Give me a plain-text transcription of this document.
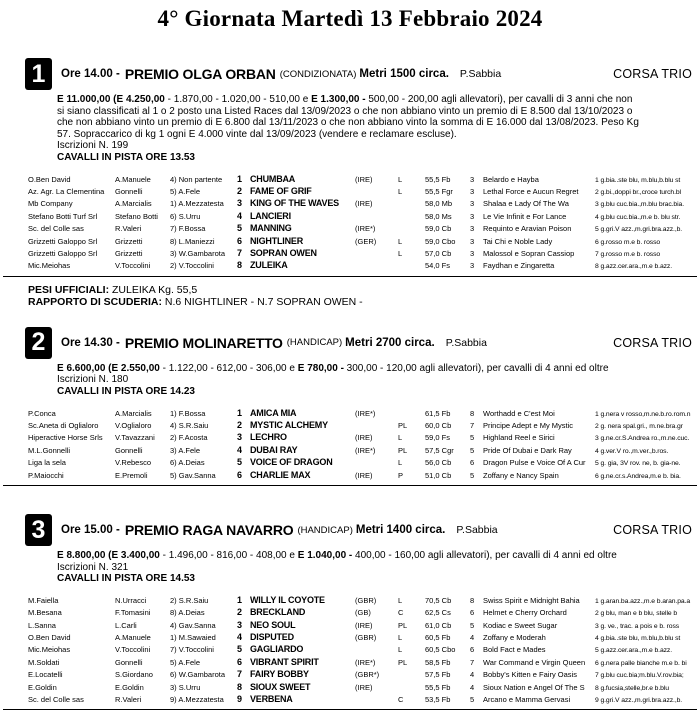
4° Giornata Martedì 13 Febbraio 2024
1	Ore 14.00 - PREMIO OLGA ORBAN (CONDIZIONATA) Metri 1500 circa. P.Sabbia	CORSA TRIO

E 11.000,00 (E 4.250,00 - 1.870,00 - 1.020,00 - 510,00 e E 1.300,00 - 500,00 - 200,00 agli allevatori), per cavalli di 3 anni che non si siano classificati al 1 o 2 posto una Listed Races dal 13/09/2023 o che non abbiano vinto un premio di E 8.500 dal 13/10/2023 o che non abbiano vinto un premio di E 6.800 dal 13/11/2023 o che non abbiano vinto la somma di E 16.000 dal 13/08/2023. Peso Kg 57. Sopraccarico di kg 1 ogni E 4.000 vinte dal 13/09/2023 (vendere e reclamare escluse).

Iscrizioni N. 199
CAVALLI IN PISTA ORE 13.53
O.Ben David	A.Manuele	4) Non partente	1 CHUMBAA	(IRE)	L	55,5 Fb	3	Belardo e Hayba	1 g.bia..ste blu, m.blu,b.blu st
Az. Agr. La Clementina	Gonnelli	5) A.Fele	2 FAME OF GRIF	L	55,5 Fgr	3	Lethal Force e Aucun Regret	2 g.bi.,doppi br.,croce turch.bl
Mb Company	A.Marcialis	1) A.Mezzatesta	3 KING OF THE WAVES	(IRE)	58,0 Mb	3	Shalaa e Lady Of The Wa	3 g.blu cuc.bia.,m.blu brac.bia.
Stefano Botti Turf Srl	Stefano Botti	6) S.Urru	4 LANCIERI	58,0 Ms	3	Le Vie Infinit e For Lance	4 g.blu cuc.bia.,m.e b. blu str.
Sc. del Colle sas	R.Valeri	7) F.Bossa	5 MANNING	(IRE*)	59,0 Cb	3	Requinto e Aravian Poison	5 g.gri.V azz.,m.gri.bra.azz.,b.
Grizzetti Galoppo Srl	Grizzetti	8) L.Maniezzi	6 NIGHTLINER	(GER)	L	59,0 Cbo	3	Tai Chi e Noble Lady	6 g.rosso m.e b. rosso
Grizzetti Galoppo Srl	Grizzetti	3) W.Gambarota	7 SOPRAN OWEN	L	57,0 Cb	3	Malossol e Sopran Cassiop	7 g.rosso m.e b. rosso
Mic.Meiohas	V.Toccolini	2) V.Toccolini	8 ZULEIKA	54,0 Fs	3	Faydhan e Zingaretta	8 g.azz.cer.ara.,m.e b.azz.
PESI UFFICIALI: ZULEIKA Kg. 55,5
RAPPORTO DI SCUDERIA: N.6 NIGHTLINER - N.7 SOPRAN OWEN -
2	Ore 14.30 - PREMIO MOLINARETTO (HANDICAP) Metri 2700 circa. P.Sabbia	CORSA TRIO

E 6.600,00 (E 2.550,00 - 1.122,00 - 612,00 - 306,00 e E 780,00 - 300,00 - 120,00 agli allevatori), per cavalli di 4 anni ed oltre

Iscrizioni N. 180
CAVALLI IN PISTA ORE 14.23
P.Conca	A.Marcialis	1) F.Bossa	1 AMICA MIA	(IRE*)	61,5 Fb	8	Worthadd e C'est Moi	1 g.nera v rosso,m.ne.b.ro.rom.n
Sc.Aneta di Oglialoro	V.Oglialoro	4) S.R.Saiu	2 MYSTIC ALCHEMY	PL	60,0 Cb	7	Principe Adept e My Mystic	2 g. nera spal.gri., m.ne.bra.gr
Hiperactive Horse Srls	V.Tavazzani	2) F.Acosta	3 LECHRO	(IRE)	L	59,0 Fs	5	Highland Reel e Sirici	3 g.ne.cr.S.Andrea ro.,m.ne.cuc.
M.L.Gonnelli	Gonnelli	3) A.Fele	4 DUBAI RAY	(IRE*)	PL	57,5 Cgr	5	Pride Of Dubai e Dark Ray	4 g.ver.V ro.,m.ver.,b.ros.
Liga la sela	V.Rebesco	6) A.Deias	5 VOICE OF DRAGON	L	56,0 Cb	6	Dragon Pulse e Voice Of A Cur	5 g. gia, 3V rov. ne, b. gia-ne.
P.Maiocchi	E.Premoli	5) Gav.Sanna	6 CHARLIE MAX	(IRE)	P	51,0 Cb	5	Zoffany e Nancy Spain	6 g.ne.cr.s.Andrea,m.e b. bia.
3	Ore 15.00 - PREMIO RAGA NAVARRO (HANDICAP) Metri 1400 circa. P.Sabbia	CORSA TRIO

E 8.800,00 (E 3.400,00 - 1.496,00 - 816,00 - 408,00 e E 1.040,00 - 400,00 - 160,00 agli allevatori), per cavalli di 4 anni ed oltre

Iscrizioni N. 321
CAVALLI IN PISTA ORE 14.53
M.Faiella	N.Urracci	2) S.R.Saiu	1 WILLY IL COYOTE	(GBR)	L	70,5 Cb	8	Swiss Spirit e Midnight Bahia	1 g.aran.ba.azz.,m.e b.aran.pa.a
M.Besana	F.Tomasini	8) A.Deias	2 BRECKLAND	(GB)	C	62,5 Cs	6	Helmet e Cherry Orchard	2 g blu, man e b blu, stelle b
L.Sanna	L.Carli	4) Gav.Sanna	3 NEO SOUL	(IRE)	PL	61,0 Cb	5	Kodiac e Sweet Sugar	3 g. ve., trac. a pois e b. ross
O.Ben David	A.Manuele	1) M.Sawaied	4 DISPUTED	(GBR)	L	60,5 Fb	4	Zoffany e Moderah	4 g.bia..ste blu, m.blu,b.blu st
Mic.Meiohas	V.Toccolini	7) V.Toccolini	5 GAGLIARDO	L	60,5 Cbo	6	Bold Fact e Mades	5 g.azz.cer.ara.,m.e b.azz.
M.Soldati	Gonnelli	5) A.Fele	6 VIBRANT SPIRIT	(IRE*)	PL	58,5 Fb	7	War Command e Virgin Queen	6 g.nera palle bianche m.e b. bi
E.Locatelli	S.Giordano	6) W.Gambarota	7 FAIRY BOBBY	(GBR*)	57,5 Fb	4	Bobby's Kitten e Fairy Oasis	7 g.blu cuc.bia;m.blu.V.rov.bia;
E.Goldin	E.Goldin	3) S.Urru	8 SIOUX SWEET	(IRE)	55,5 Fb	4	Sioux Nation e Angel Of The S	8 g.fucsia,stelle,br.e b.blu
Sc. del Colle sas	R.Valeri	9) A.Mezzatesta	9 VERBENA	C	53,5 Fb	5	Arcano e Mamma Gervasi	9 g.gri.V azz.,m.gri.bra.azz.,b.
